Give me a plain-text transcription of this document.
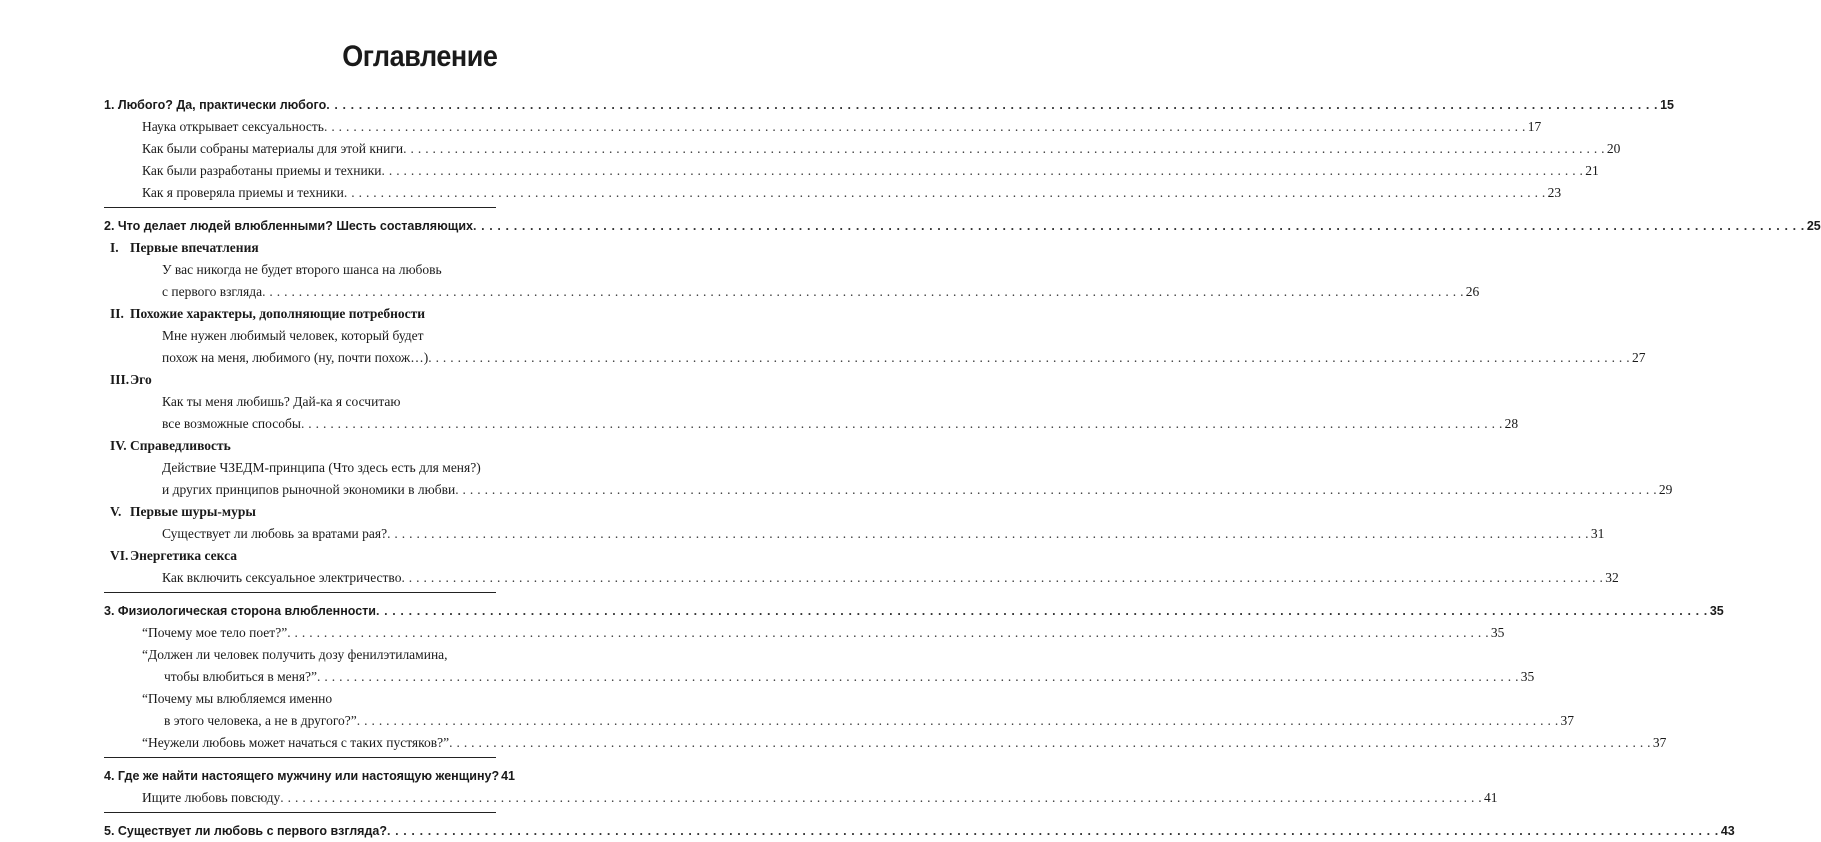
Оглавление
1. Любого? Да, практически любого . . .	15
Наука открывает сексуальность . . .	17
Как были собраны материалы для этой книги . . .	20
Как были разработаны приемы и техники . . .	21
Как я проверяла приемы и техники . . .	23
2. Что делает людей влюбленными? Шесть составляющих . . .	25
I. Первые впечатления
У вас никогда не будет второго шанса на любовь
с первого взгляда . . .	26
II. Похожие характеры, дополняющие потребности
Мне нужен любимый человек, который будет
похож на меня, любимого (ну, почти похож…) . . .	27
III.Эго
Как ты меня любишь? Дай-ка я сосчитаю
все возможные способы . . .	28
IV. Справедливость
Действие ЧЗЕДМ-принципа (Что здесь есть для меня?)
и других принципов рыночной экономики в любви . . .	29
V. Первые шуры-муры
Существует ли любовь за вратами рая? . . .	31
VI. Энергетика секса
Как включить сексуальное электричество . . .	32
3. Физиологическая сторона влюбленности . . .	35
“Почему мое тело поет?” . . .	35
“Должен ли человек получить дозу фенилэтиламина,
чтобы влюбиться в меня?” . . .	35
“Почему мы влюбляемся именно
в этого человека, а не в другого?” . . .	37
“Неужели любовь может начаться с таких пустяков?” . . .	37
4. Где же найти настоящего мужчину или настоящую женщину? 41
Ищите любовь повсюду . . .	41
5. Существует ли любовь с первого взгляда? . . .	43
